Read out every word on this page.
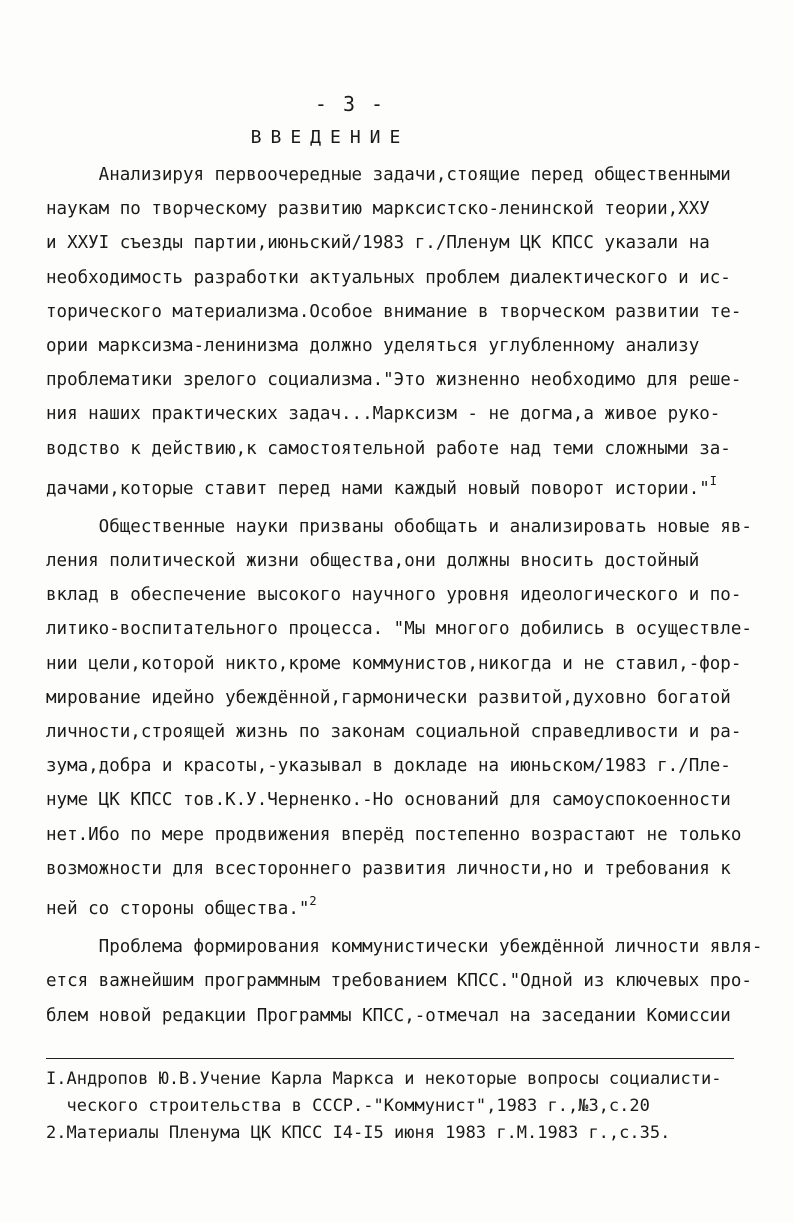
- 3 -
ВВЕДЕНИЕ
Анализируя первоочередные задачи,стоящие перед общественными
наукам по творческому развитию марксистско-ленинской теории,XXУ
и XXУI съезды партии,июньский/1983 г./Пленум ЦК КПСС указали на
необходимость разработки актуальных проблем диалектического и ис-
торического материализма.Особое внимание в творческом развитии те-
ории марксизма-ленинизма должно уделяться углубленному анализу
проблематики зрелого социализма."Это жизненно необходимо для реше-
ния наших практических задач...Марксизм - не догма,а живое руко-
водство к действию,к самостоятельной работе над теми сложными за-
дачами,которые ставит перед нами каждый новый поворот истории."$^I$
Общественные науки призваны обобщать и анализировать новые яв-
ления политической жизни общества,они должны вносить достойный
вклад в обеспечение высокого научного уровня идеологического и по-
литико-воспитательного процесса. "Мы многого добились в осуществле-
нии цели,которой никто,кроме коммунистов,никогда и не ставил,-фор-
мирование идейно убеждённой,гармонически развитой,духовно богатой
личности,строящей жизнь по законам социальной справедливости и ра-
зума,добра и красоты,-указывал в докладе на июньском/1983 г./Пле-
нуме ЦК КПСС тов.К.У.Черненко.-Но оснований для самоуспокоенности
нет.Ибо по мере продвижения вперёд постепенно возрастают не только
возможности для всестороннего развития личности,но и требования к
ней со стороны общества."$^2$
Проблема формирования коммунистически убеждённой личности явля-
ется важнейшим программным требованием КПСС."Одной из ключевых про-
блем новой редакции Программы КПСС,-отмечал на заседании Комиссии
I.Андропов Ю.В.Учение Карла Маркса и некоторые вопросы социалисти-
ческого строительства в СССР.-"Коммунист",1983 г.,№3,с.20
2.Материалы Пленума ЦК КПСС I4-I5 июня 1983 г.М.1983 г.,с.35.
